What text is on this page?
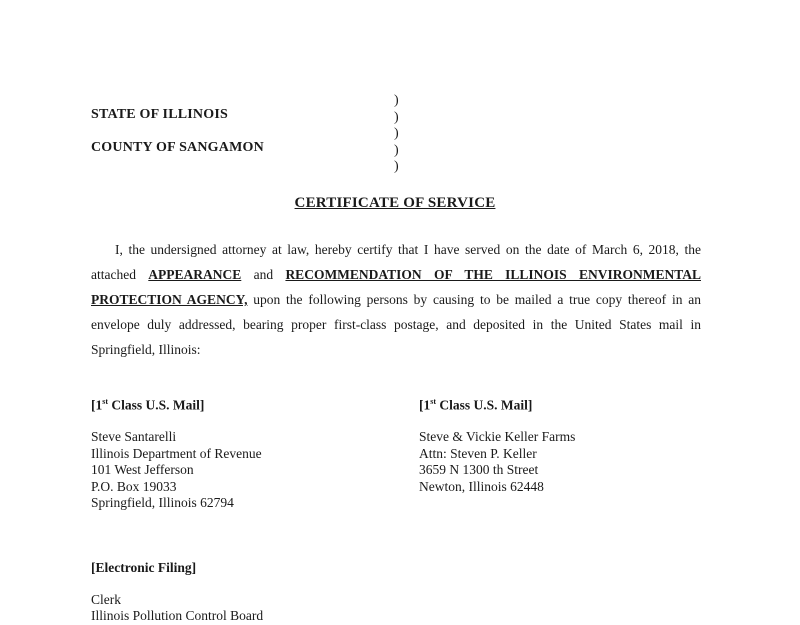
STATE OF ILLINOIS
COUNTY OF SANGAMON
)
)
)
)
)
CERTIFICATE OF SERVICE
I, the undersigned attorney at law, hereby certify that I have served on the date of March 6, 2018, the attached APPEARANCE and RECOMMENDATION OF THE ILLINOIS ENVIRONMENTAL PROTECTION AGENCY, upon the following persons by causing to be mailed a true copy thereof in an envelope duly addressed, bearing proper first-class postage, and deposited in the United States mail in Springfield, Illinois:
[1st Class U.S. Mail]
Steve Santarelli
Illinois Department of Revenue
101 West Jefferson
P.O. Box 19033
Springfield, Illinois 62794
[1st Class U.S. Mail]
Steve & Vickie Keller Farms
Attn: Steven P. Keller
3659 N 1300 th Street
Newton, Illinois 62448
[Electronic Filing]
Clerk
Illinois Pollution Control Board
